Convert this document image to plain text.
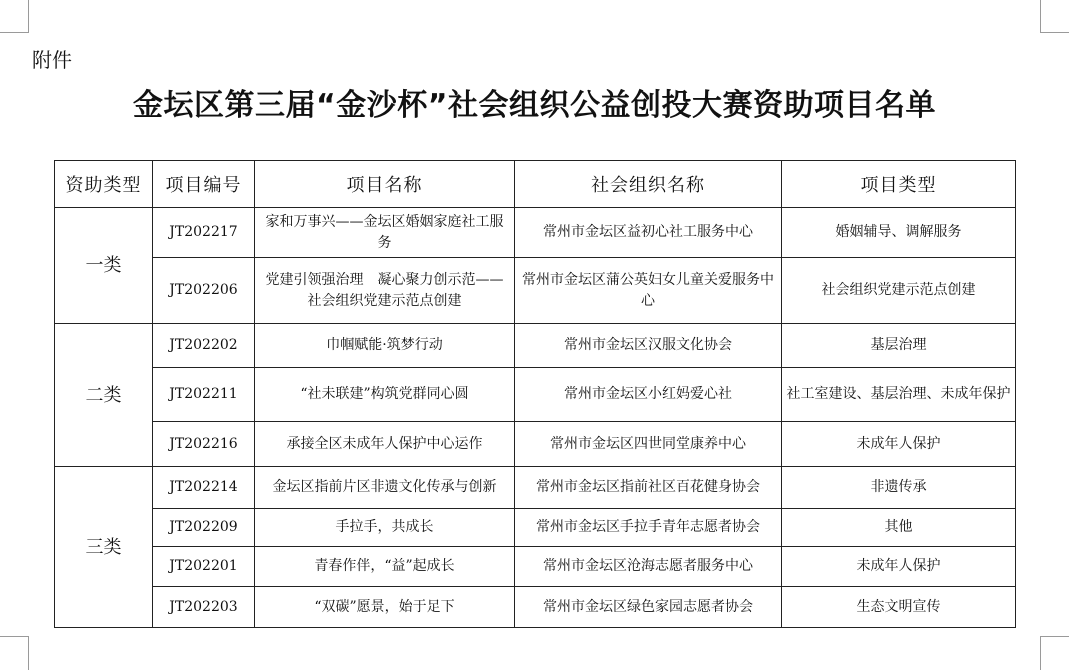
附件
金坛区第三届“金沙杯”社会组织公益创投大赛资助项目名单
资助类型	项目编号	项目名称	社会组织名称	项目类型
一类	JT202217	家和万事兴——金坛区婚姻家庭社工服务	常州市金坛区益初心社工服务中心	婚姻辅导、调解服务
	JT202206	党建引领强治理　凝心聚力创示范——社会组织党建示范点创建	常州市金坛区蒲公英妇女儿童关爱服务中心	社会组织党建示范点创建
二类	JT202202	巾帼赋能·筑梦行动	常州市金坛区汉服文化协会	基层治理
	JT202211	“社未联建”构筑党群同心圆	常州市金坛区小红妈爱心社	社工室建设、基层治理、未成年保护
	JT202216	承接全区未成年人保护中心运作	常州市金坛区四世同堂康养中心	未成年人保护
三类	JT202214	金坛区指前片区非遗文化传承与创新	常州市金坛区指前社区百花健身协会	非遗传承
	JT202209	手拉手，共成长	常州市金坛区手拉手青年志愿者协会	其他
	JT202201	青春作伴，“益”起成长	常州市金坛区沧海志愿者服务中心	未成年人保护
	JT202203	“双碳”愿景，始于足下	常州市金坛区绿色家园志愿者协会	生态文明宣传
